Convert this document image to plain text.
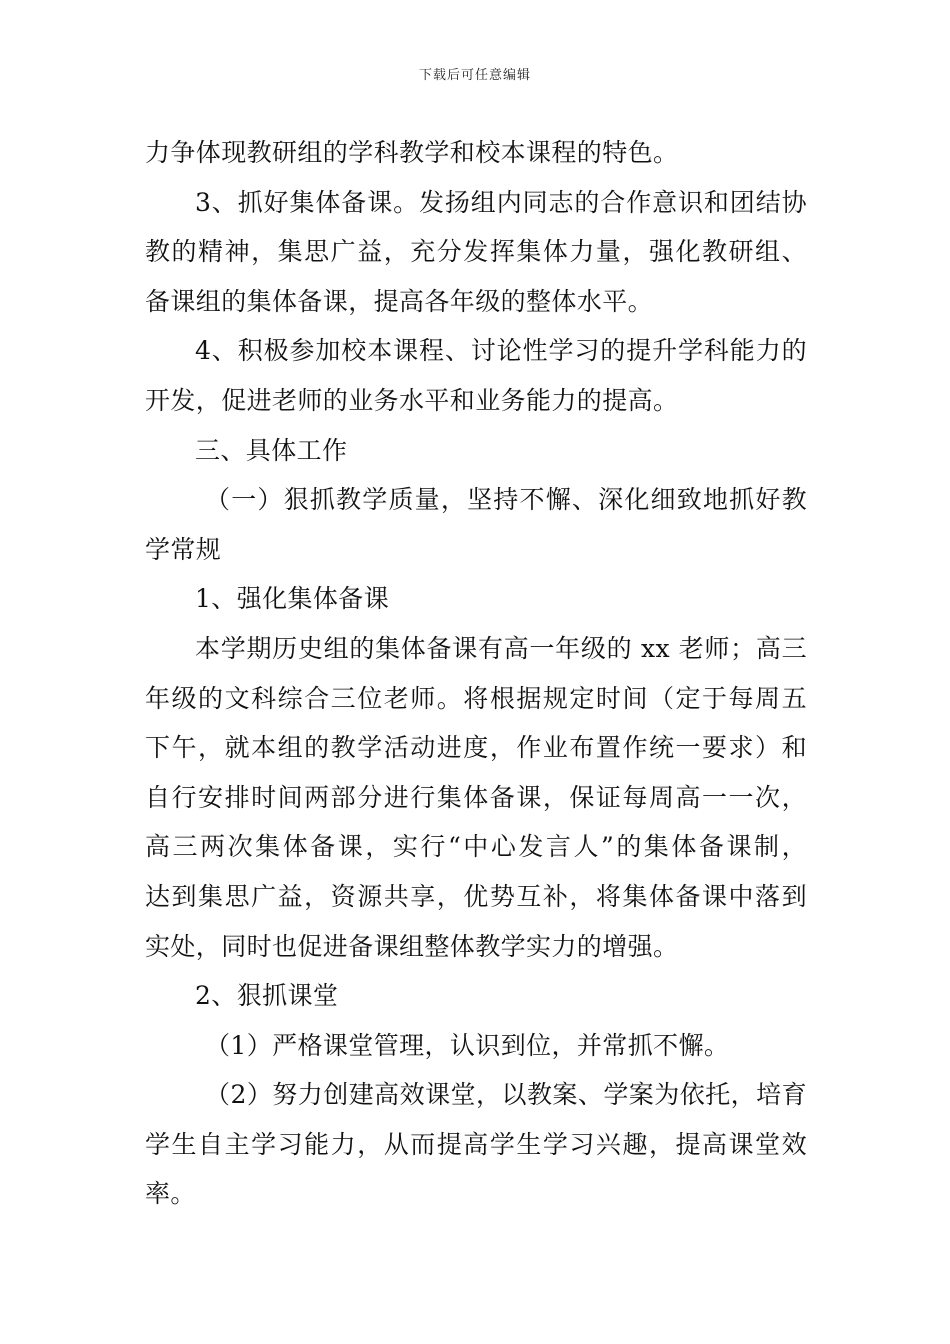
下载后可任意编辑
力争体现教研组的学科教学和校本课程的特色。
3、抓好集体备课。发扬组内同志的合作意识和团结协
教的精神，集思广益，充分发挥集体力量，强化教研组、
备课组的集体备课，提高各年级的整体水平。
4、积极参加校本课程、讨论性学习的提升学科能力的
开发，促进老师的业务水平和业务能力的提高。
三、具体工作
（一）狠抓教学质量，坚持不懈、深化细致地抓好教
学常规
1、强化集体备课
本学期历史组的集体备课有高一年级的 xx 老师；高三
年级的文科综合三位老师。将根据规定时间（定于每周五
下午，就本组的教学活动进度，作业布置作统一要求）和
自行安排时间两部分进行集体备课，保证每周高一一次，
高三两次集体备课，实行“中心发言人”的集体备课制，
达到集思广益，资源共享，优势互补，将集体备课中落到
实处，同时也促进备课组整体教学实力的增强。
2、狠抓课堂
（1）严格课堂管理，认识到位，并常抓不懈。
（2）努力创建高效课堂，以教案、学案为依托，培育
学生自主学习能力，从而提高学生学习兴趣，提高课堂效
率。
